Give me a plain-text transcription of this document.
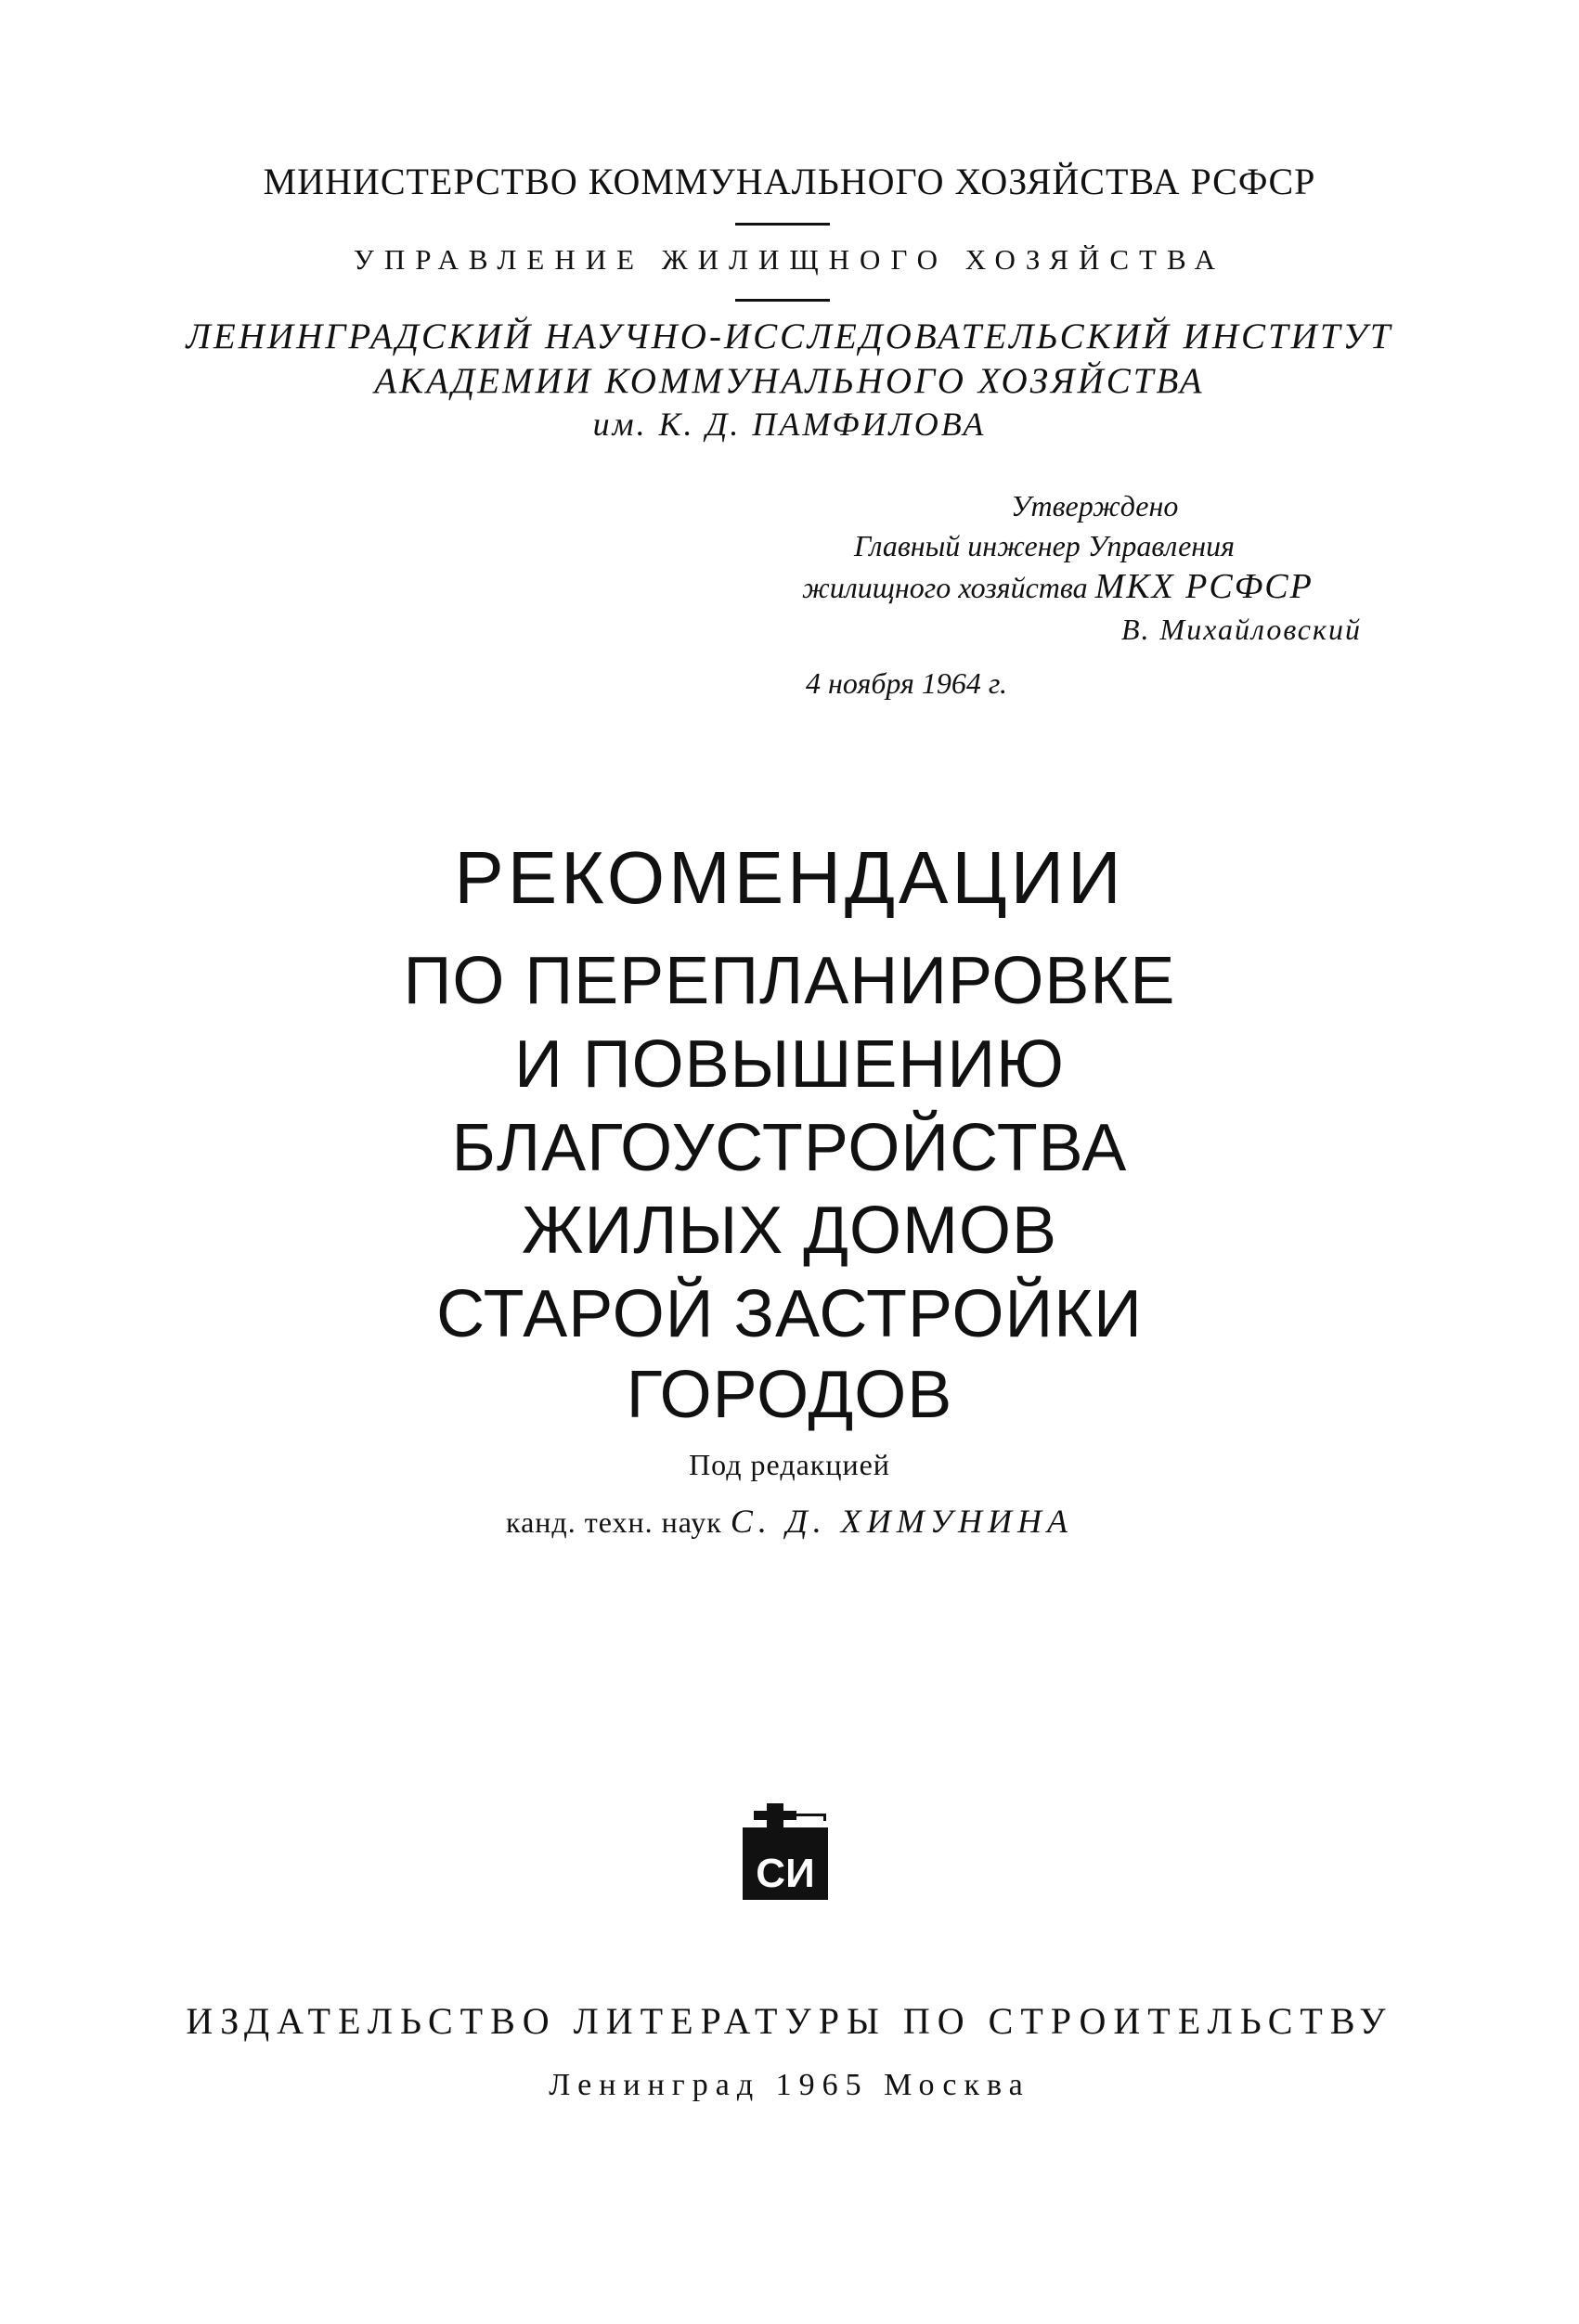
МИНИСТЕРСТВО КОММУНАЛЬНОГО ХОЗЯЙСТВА РСФСР
УПРАВЛЕНИЕ ЖИЛИЩНОГО ХОЗЯЙСТВА
ЛЕНИНГРАДСКИЙ НАУЧНО-ИССЛЕДОВАТЕЛЬСКИЙ ИНСТИТУТ
АКАДЕМИИ КОММУНАЛЬНОГО ХОЗЯЙСТВА
им. К. Д. ПАМФИЛОВА
Утверждено
Главный инженер Управления
жилищного хозяйства МКХ РСФСР
В. Михайловский
4 ноября 1964 г.
РЕКОМЕНДАЦИИ
ПО ПЕРЕПЛАНИРОВКЕ
И ПОВЫШЕНИЮ
БЛАГОУСТРОЙСТВА
ЖИЛЫХ ДОМОВ
СТАРОЙ ЗАСТРОЙКИ
ГОРОДОВ
Под редакцией
канд. техн. наук С. Д. ХИМУНИНА
СИ
ИЗДАТЕЛЬСТВО ЛИТЕРАТУРЫ ПО СТРОИТЕЛЬСТВУ
Ленинград 1965 Москва
